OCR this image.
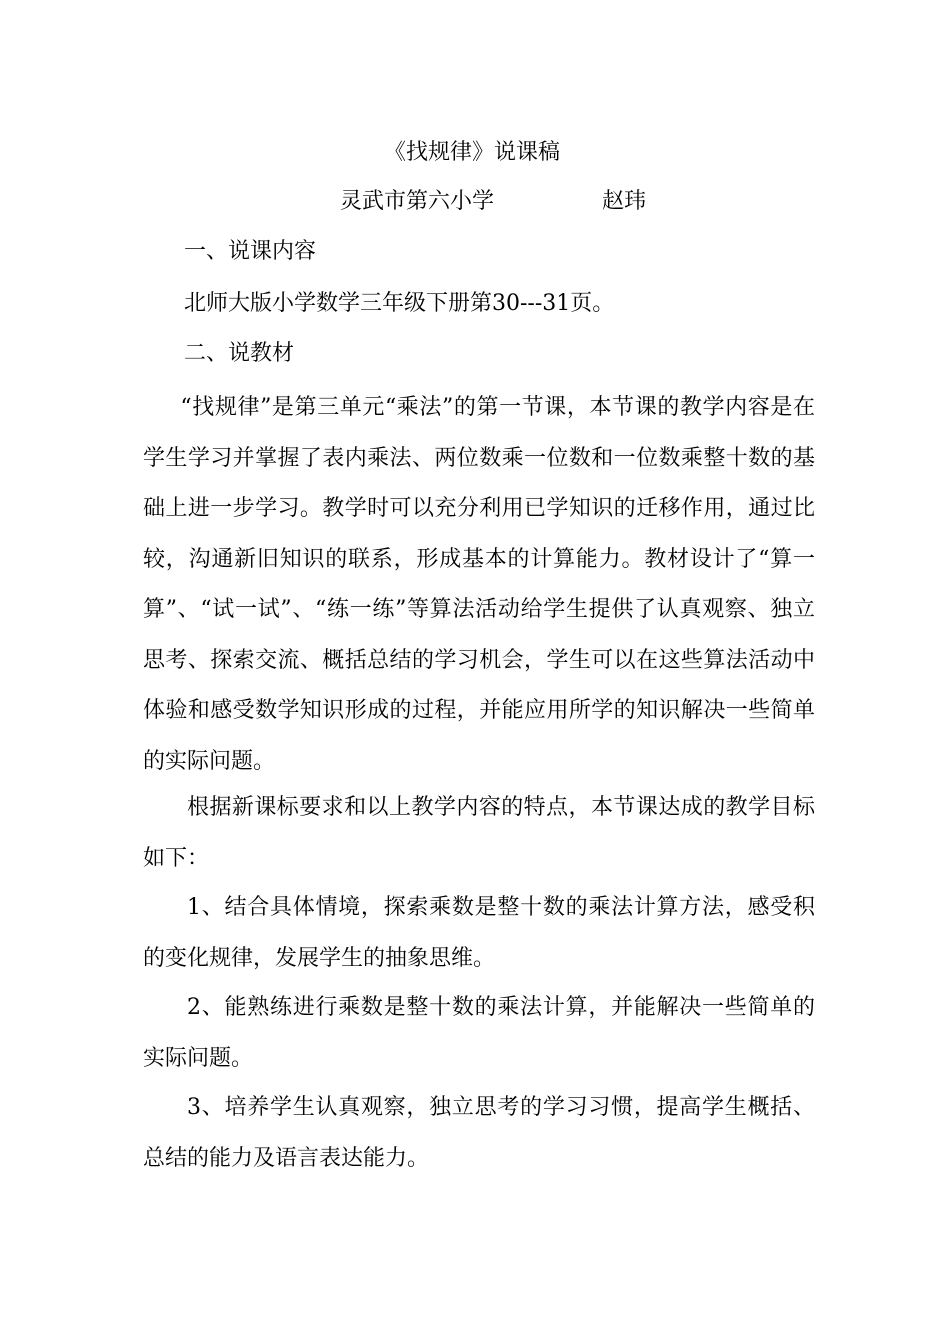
《找规律》说课稿

灵武市第六小学	赵玮

一、说课内容

北师大版小学数学三年级下册第30---31页。

二、说教材

“找规律”是第三单元“乘法”的第一节课，本节课的教学内容是在学生学习并掌握了表内乘法、两位数乘一位数和一位数乘整十数的基础上进一步学习。教学时可以充分利用已学知识的迁移作用，通过比较，沟通新旧知识的联系，形成基本的计算能力。教材设计了“算一算”、“试一试”、“练一练”等算法活动给学生提供了认真观察、独立思考、探索交流、概括总结的学习机会，学生可以在这些算法活动中体验和感受数学知识形成的过程，并能应用所学的知识解决一些简单的实际问题。

根据新课标要求和以上教学内容的特点，本节课达成的教学目标如下：

1、结合具体情境，探索乘数是整十数的乘法计算方法，感受积的变化规律，发展学生的抽象思维。

2、能熟练进行乘数是整十数的乘法计算，并能解决一些简单的实际问题。

3、培养学生认真观察，独立思考的学习习惯，提高学生概括、总结的能力及语言表达能力。
